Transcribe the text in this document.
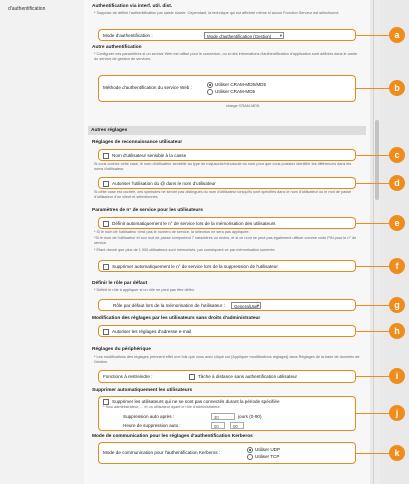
d'authentification	Authentification via interf. util. dist.
* Suppose de définir l'authentification par saisie clavier. Cependant, la technique qui est affichée même si aucun Fonction Serveur est sélectionné.
Mode d'authentification :	Mode d'authentification (Gestion) ▾
Autre authentification
* Configurer ces paramètres si un service Web est utilisé pour le connexion, ou si des informations d'authentification d'application sont définies dans le cadre du service de gestion de services.
Méthode d'authentification du service Web :
Utiliser CRAM-MD5/MD5
Utiliser CRAM-MD5
charge CRAM-MD5.
Autres réglages
Réglages de reconnaissance utilisateur
Nom d'utilisateur sensible à la casse
Si vous cochez cette case, le nom d'utilisateur sensible au type de majuscule/minuscule du nom pour que vous puissiez identifier les différences dans les noms d'utilisateur.
Autoriser l'utilisation du @ dans le nom d'utilisateur
Si cette case est cochée, ces symboles ne seront pas distingués du nom d'utilisateur lorsqu'ils sont spécifiés dans le nom d'utilisateur ou le mot de passe d'utilisateur d'un client et sélectionnés.
Paramètres de n° de service pour les utilisateurs
Définir automatiquement le n° de service lors de la mémorisation des utilisateurs
* Si le nom de l'utilisateur n'est pas le numéro de service, la sélection ne sera pas appliquée.
*Si le nom de l'utilisateur et son mot de passe comportent 7 caractères ou moins, et si ce nom ne peut pas également utiliser comme code PIN pour le n° de service.
* Étant donné que plus de 1 000 utilisateurs sont mémorisés, par conséquent ce par mémorisation sommée.
Supprimer automatiquement le n° de service lors de la suppression de l'utilisateur
Définir le rôle par défaut
* Définit le rôle à appliquer si un rôle ne peut pas être défini.
Rôle par défaut lors de la mémorisation de l'utilisateur :	GeneralUser ▾
Modification des réglages par les utilisateurs sans droits d'administrateur
Autoriser les réglages d'adresse e-mail
Réglages du périphérique
* Les modifications des réglages prennent effet une fois que vous avez cliqué sur [Appliquer modifications réglages] dans Réglages de la base de données de Gestion.
Fonctions à restreindre :	Tâche à distance sans authentification utilisateur
Supprimer automatiquement les utilisateurs
Supprimer les utilisateurs qui ne se sont pas connectés durant la période spécifiée
* Seul administrateur, ... et un utilisateur ayant le rôle d'administrateur.
Suppression auto après :	30	jours (0-90)
Heure de suppression auto :	00	00
Mode de communication pour les réglages d'authentification Kerberos
Mode de communication pour l'authentification Kerberos :
Utiliser UDP
Utiliser TCP
a
b
c
d
e
f
g
h
i
j
k
